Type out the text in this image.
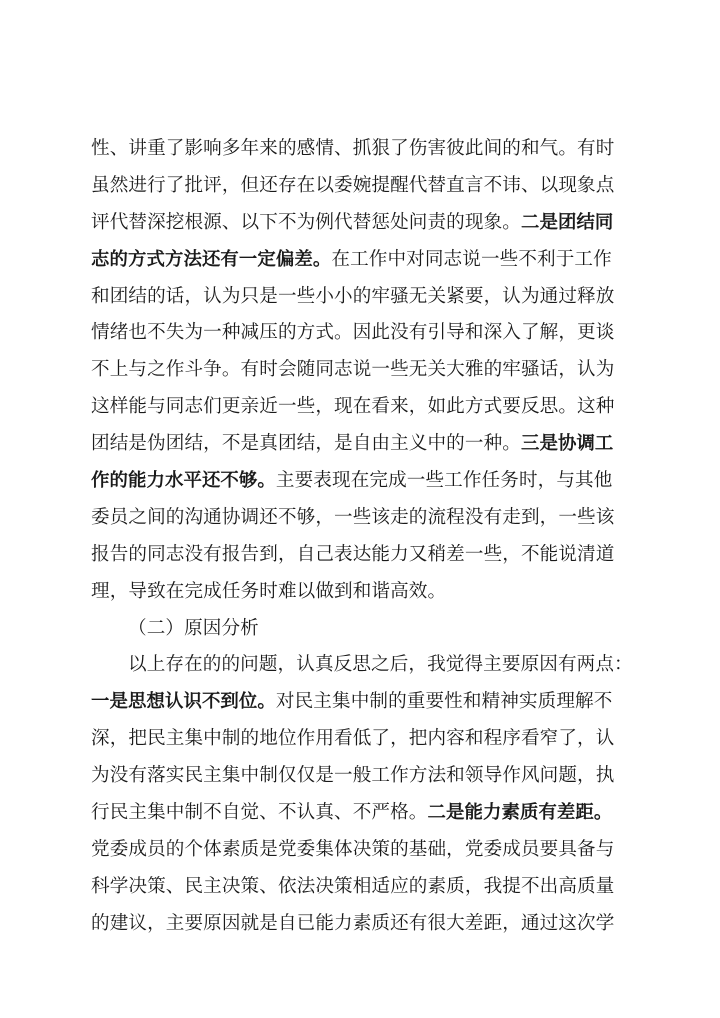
性、讲重了影响多年来的感情、抓狠了伤害彼此间的和气。有时
虽然进行了批评，但还存在以委婉提醒代替直言不讳、以现象点
评代替深挖根源、以下不为例代替惩处问责的现象。二是团结同
志的方式方法还有一定偏差。在工作中对同志说一些不利于工作
和团结的话，认为只是一些小小的牢骚无关紧要，认为通过释放
情绪也不失为一种减压的方式。因此没有引导和深入了解，更谈
不上与之作斗争。有时会随同志说一些无关大雅的牢骚话，认为
这样能与同志们更亲近一些，现在看来，如此方式要反思。这种
团结是伪团结，不是真团结，是自由主义中的一种。三是协调工
作的能力水平还不够。主要表现在完成一些工作任务时，与其他
委员之间的沟通协调还不够，一些该走的流程没有走到，一些该
报告的同志没有报告到，自己表达能力又稍差一些，不能说清道
理，导致在完成任务时难以做到和谐高效。
（二）原因分析
以上存在的的问题，认真反思之后，我觉得主要原因有两点：
一是思想认识不到位。对民主集中制的重要性和精神实质理解不
深，把民主集中制的地位作用看低了，把内容和程序看窄了，认
为没有落实民主集中制仅仅是一般工作方法和领导作风问题，执
行民主集中制不自觉、不认真、不严格。二是能力素质有差距。
党委成员的个体素质是党委集体决策的基础，党委成员要具备与
科学决策、民主决策、依法决策相适应的素质，我提不出高质量
的建议，主要原因就是自已能力素质还有很大差距，通过这次学
